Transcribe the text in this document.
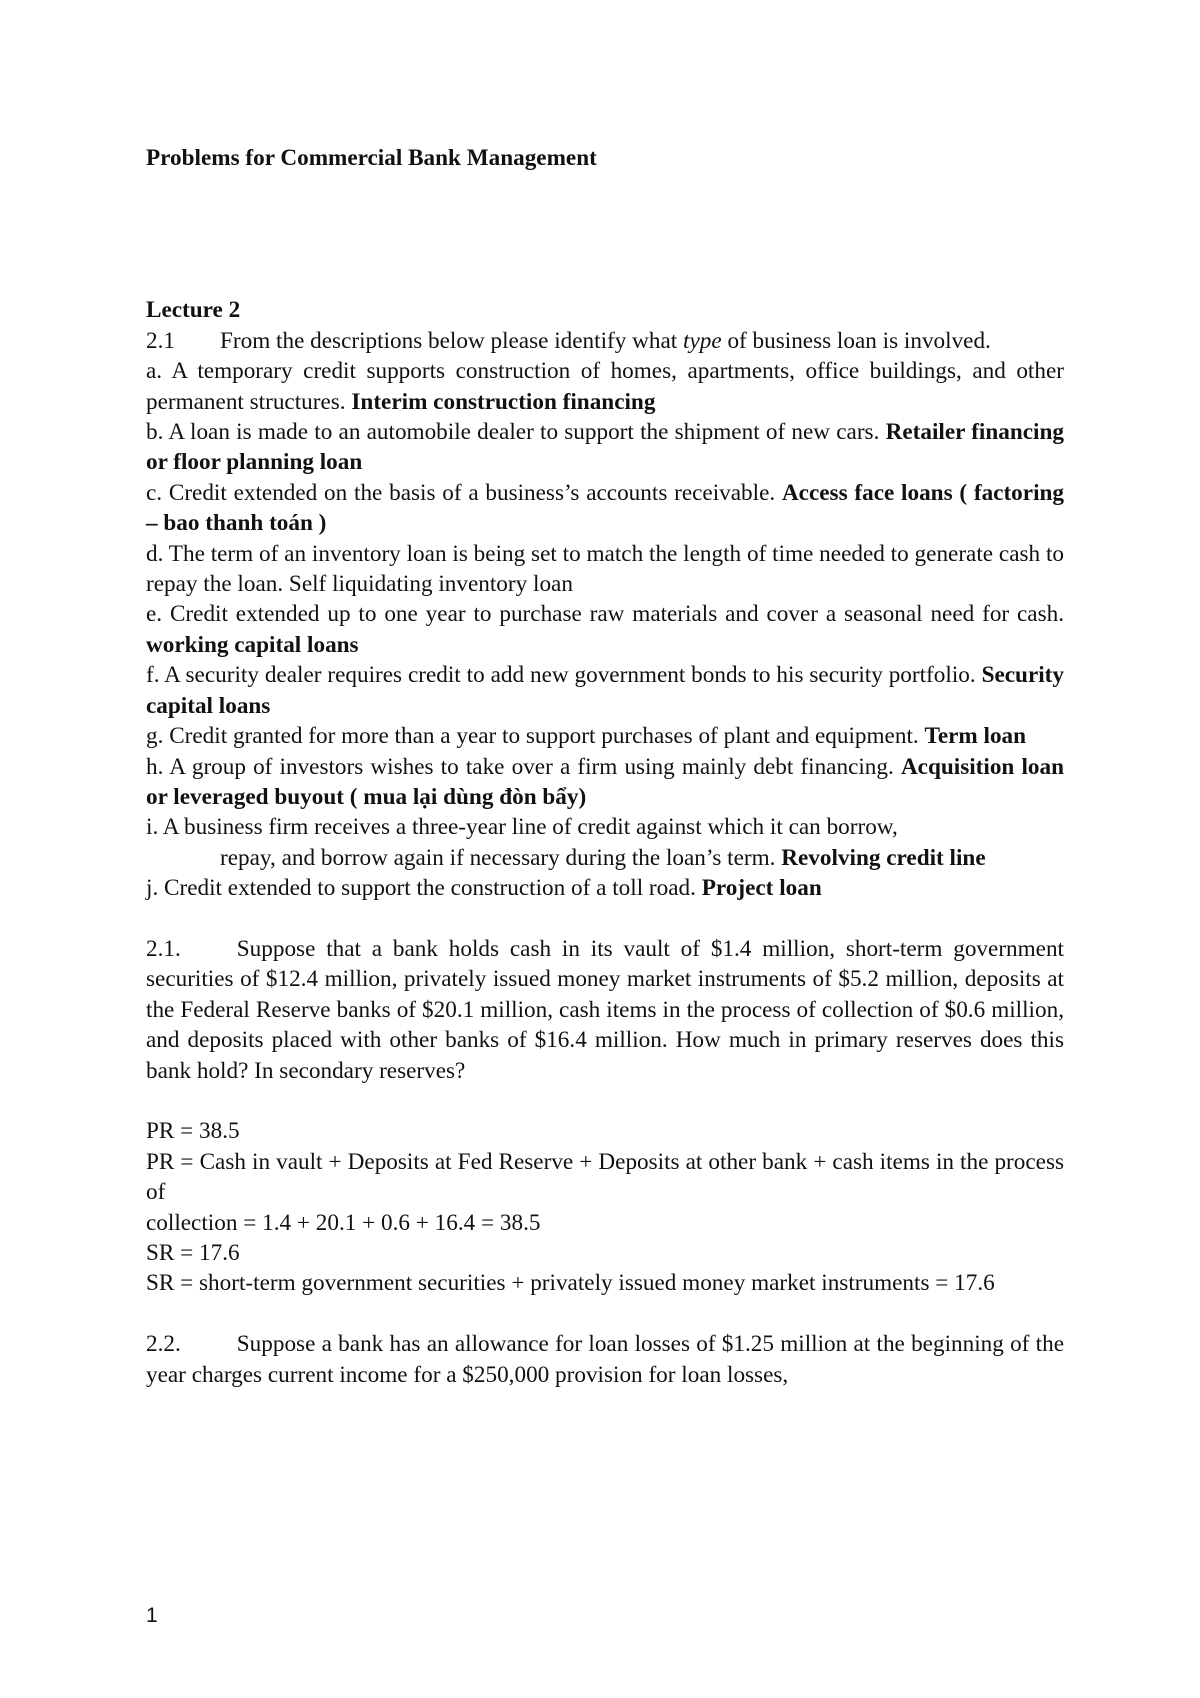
Problems for Commercial Bank Management

Lecture 2

2.1	From the descriptions below please identify what type of business loan is involved.

a. A temporary credit supports construction of homes, apartments, office buildings, and other permanent structures. Interim construction financing

b. A loan is made to an automobile dealer to support the shipment of new cars. Retailer financing or floor planning loan

c. Credit extended on the basis of a business’s accounts receivable. Access face loans ( factoring – bao thanh toán )

d. The term of an inventory loan is being set to match the length of time needed to generate cash to repay the loan. Self liquidating inventory loan

e. Credit extended up to one year to purchase raw materials and cover a seasonal need for cash. working capital loans

f. A security dealer requires credit to add new government bonds to his security portfolio. Security capital loans

g. Credit granted for more than a year to support purchases of plant and equipment. Term loan

h. A group of investors wishes to take over a firm using mainly debt financing. Acquisition loan or leveraged buyout ( mua lại dùng đòn bẩy)

i. A business firm receives a three-year line of credit against which it can borrow,
repay, and borrow again if necessary during the loan’s term. Revolving credit line

j. Credit extended to support the construction of a toll road. Project loan

2.1. Suppose that a bank holds cash in its vault of $1.4 million, short-term government securities of $12.4 million, privately issued money market instruments of $5.2 million, deposits at the Federal Reserve banks of $20.1 million, cash items in the process of collection of $0.6 million, and deposits placed with other banks of $16.4 million. How much in primary reserves does this bank hold? In secondary reserves?

PR = 38.5

PR = Cash in vault + Deposits at Fed Reserve + Deposits at other bank + cash items in the process of

collection = 1.4 + 20.1 + 0.6 + 16.4 = 38.5

SR = 17.6

SR = short-term government securities + privately issued money market instruments = 17.6

2.2. Suppose a bank has an allowance for loan losses of $1.25 million at the beginning of the year charges current income for a $250,000 provision for loan losses,

1
